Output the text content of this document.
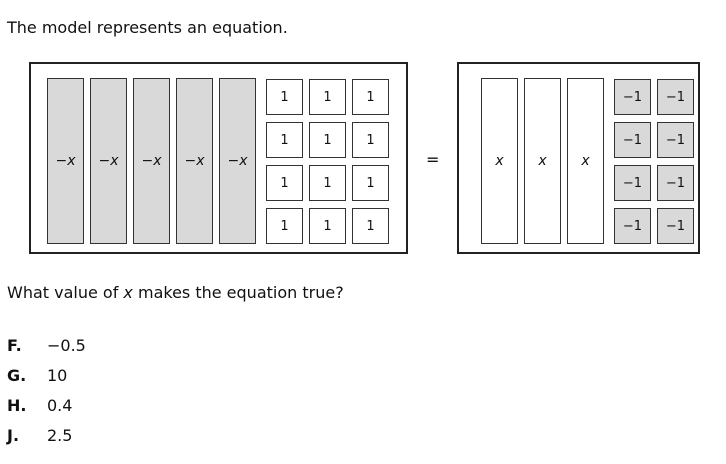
The model represents an equation.
−x	−x	−x	−x	−x
1	1	1
1	1	1
1	1	1
1	1	1
=	x	x	x
−1	−1
−1	−1
−1	−1
−1	−1
What value of x makes the equation true?
F. −0.5
G. 10
H. 0.4
J. 2.5
